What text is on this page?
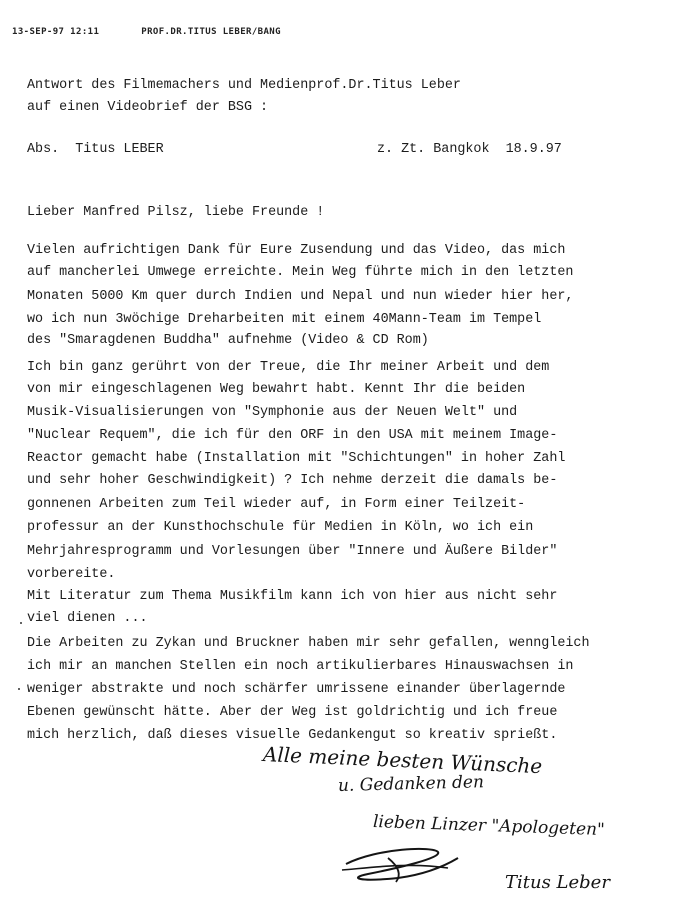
13-SEP-97 12:11	PROF.DR.TITUS LEBER/BANG
Antwort des Filmemachers und Medienprof.Dr.Titus Leber
auf einen Videobrief der BSG :
Abs.  Titus LEBER	z. Zt. Bangkok  18.9.97
Lieber Manfred Pilsz, liebe Freunde !
Vielen aufrichtigen Dank für Eure Zusendung und das Video, das mich
auf mancherlei Umwege erreichte. Mein Weg führte mich in den letzten
Monaten 5000 Km quer durch Indien und Nepal und nun wieder hier her,
wo ich nun 3wöchige Dreharbeiten mit einem 40Mann-Team im Tempel
des "Smaragdenen Buddha" aufnehme (Video & CD Rom)
Ich bin ganz gerührt von der Treue, die Ihr meiner Arbeit und dem
von mir eingeschlagenen Weg bewahrt habt. Kennt Ihr die beiden
Musik-Visualisierungen von "Symphonie aus der Neuen Welt" und
"Nuclear Requem", die ich für den ORF in den USA mit meinem Image-
Reactor gemacht habe (Installation mit "Schichtungen" in hoher Zahl
und sehr hoher Geschwindigkeit) ? Ich nehme derzeit die damals be-
gonnenen Arbeiten zum Teil wieder auf, in Form einer Teilzeit-
professur an der Kunsthochschule für Medien in Köln, wo ich ein
Mehrjahresprogramm und Vorlesungen über "Innere und Äußere Bilder"
vorbereite.
Mit Literatur zum Thema Musikfilm kann ich von hier aus nicht sehr
viel dienen ...
Die Arbeiten zu Zykan und Bruckner haben mir sehr gefallen, wenngleich
ich mir an manchen Stellen ein noch artikulierbares Hinauswachsen in
weniger abstrakte und noch schärfer umrissene einander überlagernde
Ebenen gewünscht hätte. Aber der Weg ist goldrichtig und ich freue
mich herzlich, daß dieses visuelle Gedankengut so kreativ sprießt.
Alle meine besten Wünsche
u. Gedanken den
lieben Linzer "Apologeten"
Titus Leber
